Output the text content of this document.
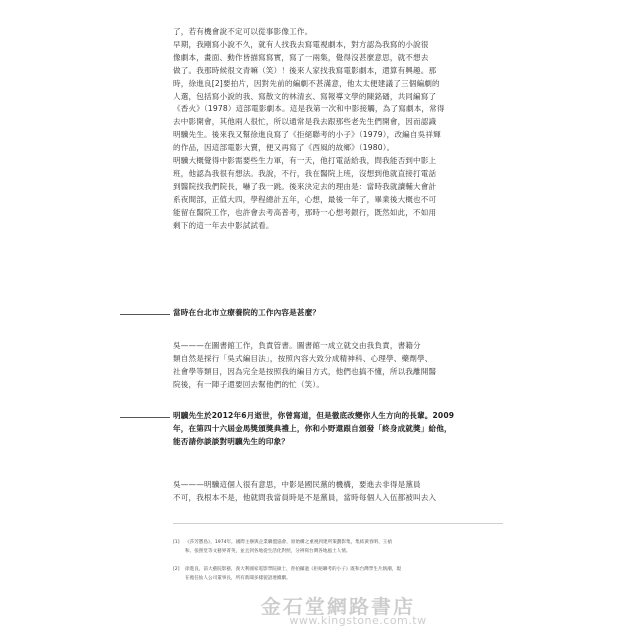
了，若有機會說不定可以從事影像工作。

早期，我剛寫小說不久，就有人找我去寫電視劇本，對方認為我寫的小說很

像劇本，畫面、動作皆描寫寫實，寫了一兩集，覺得沒甚麼意思，就不想去

做了。我那時候很文青嘛（笑）！後來人家找我寫電影劇本，還算有興趣。那

時，徐進良[2]要拍片，因對先前的編劇不甚滿意，他太太便建議了三個編劇的

人選，包括寫小說的我、寫散文的林清玄、寫報導文學的陳銘磻，共同編寫了

《香火》（1978）這部電影劇本。這是我第一次和中影接觸，為了寫劇本，常得

去中影開會，其他兩人很忙，所以通常是我去跟那些老先生們開會，因而認識

明驥先生。後來我又幫徐進良寫了《拒絕聯考的小子》（1979），改編自吳祥輝

的作品，因這部電影大賣，便又再寫了《西風的故鄉》（1980）。

明驥大概覺得中影需要些生力軍，有一天，他打電話給我，問我能否到中影上

班，他認為我很有想法。我說，不行，我在醫院上班，沒想到他就直接打電話

到醫院找我們院長，嚇了我一跳。後來決定去的理由是：當時我就讀輔大會計

系夜間部，正值大四，學程總計五年，心想，最後一年了，畢業後大概也不可

能留在醫院工作，也許會去考高普考，那時一心想考銀行，既然如此，不如用

剩下的這一年去中影試試看。

當時在台北市立療養院的工作內容是甚麼？

吳———在圖書館工作，負責管書。圖書館一成立就交由我負責，書籍分

類自然是採行「吳式編目法」，按照內容大致分成精神科、心理學、藥劑學、

社會學等類目，因為完全是按照我的編目方式，他們也搞不懂，所以我離開醫

院後，有一陣子還要回去幫他們的忙（笑）。

明驥先生於2012年6月逝世，你曾寫道，但是徹底改變你人生方向的長輩。2009

年，在第四十六屆金馬獎頒獎典禮上，你和小野還跟自頒發「終身成就獎」給他，

能否請你談談對明驥先生的印象？

吳———明驥這個人很有意思，中影是國民黨的機構，要進去非得是黨員

不可，我根本不是，他就問我當員時是不是黨員，當時每個人入伍都被叫去入

[1] 《莎芳寶島》，1974年，國際主辦與企業聯盟協會，原始構之重視到建所策劃影集，集結黃春明、王禎
和、張照堂等文藝界菁英，並且到各地從生活化對照，分辨寫台灣各地風土人情。
[2] 徐進良，前大藝院影藝，義大利國家電影學院碩士，曾拍攝過《拒絕聯考的小子》既和台灣學生片熱潮，現
在擔任仙人公司董事長，所有新聞多樣貌語連續劇。
金石堂網路書店
www.kingstone.com.tw
